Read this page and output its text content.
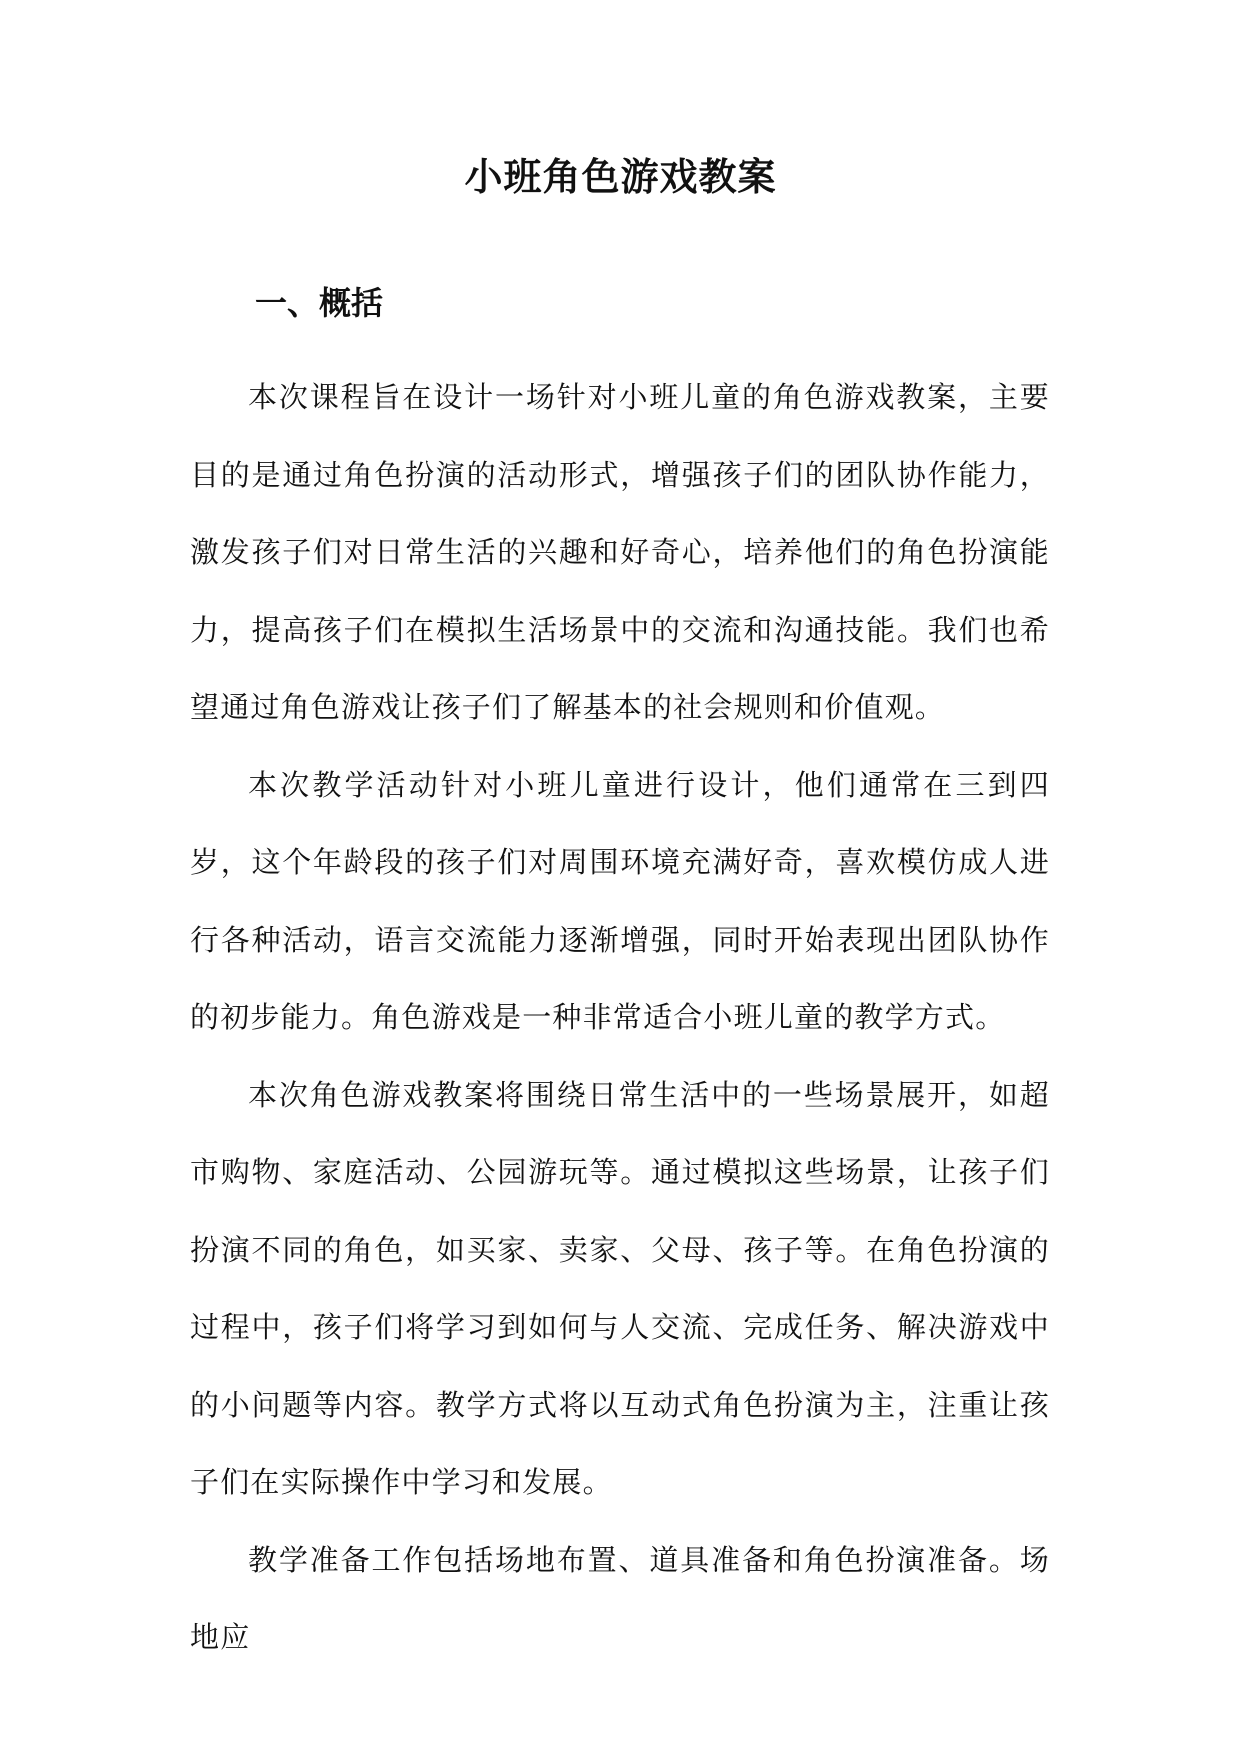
小班角色游戏教案
一、概括

本次课程旨在设计一场针对小班儿童的角色游戏教案，主要目的是通过角色扮演的活动形式，增强孩子们的团队协作能力，激发孩子们对日常生活的兴趣和好奇心，培养他们的角色扮演能力，提高孩子们在模拟生活场景中的交流和沟通技能。我们也希望通过角色游戏让孩子们了解基本的社会规则和价值观。

本次教学活动针对小班儿童进行设计，他们通常在三到四岁，这个年龄段的孩子们对周围环境充满好奇，喜欢模仿成人进行各种活动，语言交流能力逐渐增强，同时开始表现出团队协作的初步能力。角色游戏是一种非常适合小班儿童的教学方式。

本次角色游戏教案将围绕日常生活中的一些场景展开，如超市购物、家庭活动、公园游玩等。通过模拟这些场景，让孩子们扮演不同的角色，如买家、卖家、父母、孩子等。在角色扮演的过程中，孩子们将学习到如何与人交流、完成任务、解决游戏中的小问题等内容。教学方式将以互动式角色扮演为主，注重让孩子们在实际操作中学习和发展。

教学准备工作包括场地布置、道具准备和角色扮演准备。场地应
